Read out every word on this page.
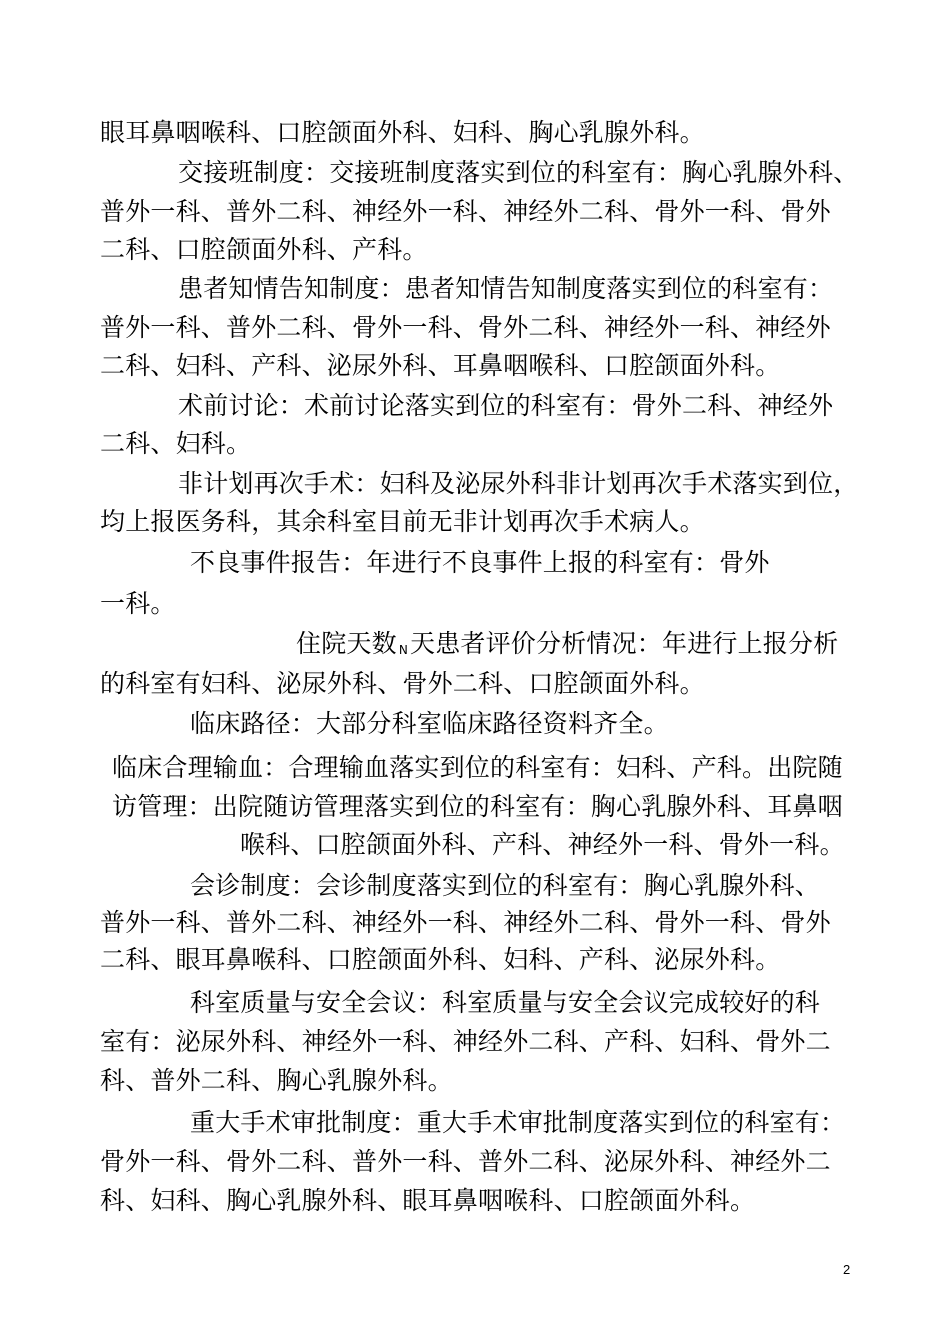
眼耳鼻咽喉科、口腔颌面外科、妇科、胸心乳腺外科。
交接班制度：交接班制度落实到位的科室有：胸心乳腺外科、
普外一科、普外二科、神经外一科、神经外二科、骨外一科、骨外
二科、口腔颌面外科、产科。
患者知情告知制度：患者知情告知制度落实到位的科室有：
普外一科、普外二科、骨外一科、骨外二科、神经外一科、神经外
二科、妇科、产科、泌尿外科、耳鼻咽喉科、口腔颌面外科。
术前讨论：术前讨论落实到位的科室有：骨外二科、神经外
二科、妇科。
非计划再次手术：妇科及泌尿外科非计划再次手术落实到位，
均上报医务科，其余科室目前无非计划再次手术病人。
不良事件报告：年进行不良事件上报的科室有：骨外
一科。
住院天数 N天患者评价分析情况：年进行上报分析
的科室有妇科、泌尿外科、骨外二科、口腔颌面外科。
临床路径：大部分科室临床路径资料齐全。
临床合理输血：合理输血落实到位的科室有：妇科、产科。出院随
访管理：出院随访管理落实到位的科室有：胸心乳腺外科、耳鼻咽
喉科、口腔颌面外科、产科、神经外一科、骨外一科。
会诊制度：会诊制度落实到位的科室有：胸心乳腺外科、
普外一科、普外二科、神经外一科、神经外二科、骨外一科、骨外
二科、眼耳鼻喉科、口腔颌面外科、妇科、产科、泌尿外科。
科室质量与安全会议：科室质量与安全会议完成较好的科
室有：泌尿外科、神经外一科、神经外二科、产科、妇科、骨外二
科、普外二科、胸心乳腺外科。
重大手术审批制度：重大手术审批制度落实到位的科室有：
骨外一科、骨外二科、普外一科、普外二科、泌尿外科、神经外二
科、妇科、胸心乳腺外科、眼耳鼻咽喉科、口腔颌面外科。
2
